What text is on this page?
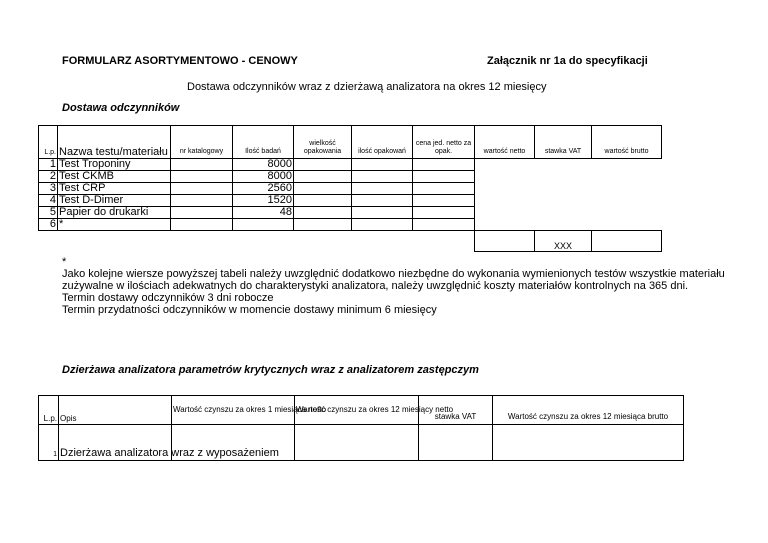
FORMULARZ ASORTYMENTOWO - CENOWY	Załącznik nr 1a do specyfikacji
Dostawa odczynników wraz z dzierżawą analizatora na okres 12 miesięcy
Dostawa odczynników
L.p.	Nazwa testu/materiału	nr katalogowy	Ilość badań	wielkość opakowania	ilość opakowań	cena jed. netto za opak.	wartość netto	stawka VAT	wartość brutto
1	Test Troponiny		8000						
2	Test CKMB		8000						
3	Test CRP		2560						
4	Test D-Dimer		1520						
5	Papier do drukarki		48						
6	*								
								XXX	
*
Jako kolejne wiersze powyższej tabeli należy uwzględnić dodatkowo niezbędne do wykonania wymienionych testów wszystkie materiału
zużywalne w ilościach adekwatnych do charakterystyki analizatora, należy uwzględnić koszty materiałów kontrolnych na 365 dni.
Termin dostawy odczynników 3 dni robocze
Termin przydatności odczynników w momencie dostawy minimum 6 miesięcy
Dzierżawa analizatora parametrów krytycznych wraz z analizatorem zastępczym
L.p.	Opis	Wartość czynszu za okres 1 miesiąca netto	Wartość czynszu za okres 12 miesiący netto	stawka VAT	Wartość czynszu za okres 12 miesiąca brutto
1	Dzierżawa analizatora wraz z wyposażeniem				
